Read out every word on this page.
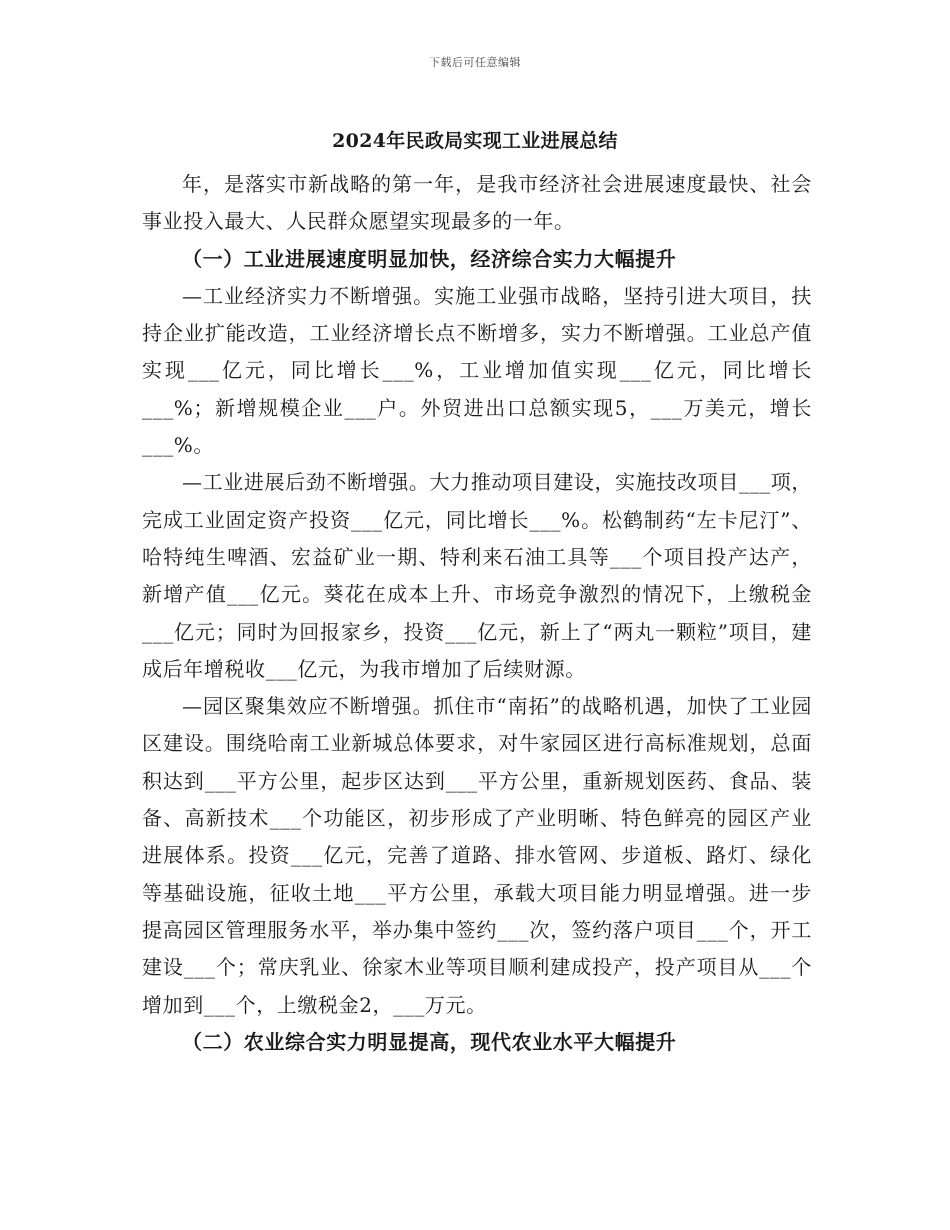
下载后可任意编辑
2024年民政局实现工业进展总结

年，是落实市新战略的第一年，是我市经济社会进展速度最快、社会事业投入最大、人民群众愿望实现最多的一年。

（一）工业进展速度明显加快，经济综合实力大幅提升

—工业经济实力不断增强。实施工业强市战略，坚持引进大项目，扶持企业扩能改造，工业经济增长点不断增多，实力不断增强。工业总产值实现___亿元，同比增长___%，工业增加值实现___亿元，同比增长___%；新增规模企业___户。外贸进出口总额实现5，___万美元，增长___%。

—工业进展后劲不断增强。大力推动项目建设，实施技改项目___项，完成工业固定资产投资___亿元，同比增长___%。松鹤制药“左卡尼汀”、哈特纯生啤酒、宏益矿业一期、特利来石油工具等___个项目投产达产，新增产值___亿元。葵花在成本上升、市场竞争激烈的情况下，上缴税金___亿元；同时为回报家乡，投资___亿元，新上了“两丸一颗粒”项目，建成后年增税收___亿元，为我市增加了后续财源。

—园区聚集效应不断增强。抓住市“南拓”的战略机遇，加快了工业园区建设。围绕哈南工业新城总体要求，对牛家园区进行高标准规划，总面积达到___平方公里，起步区达到___平方公里，重新规划医药、食品、装备、高新技术___个功能区，初步形成了产业明晰、特色鲜亮的园区产业进展体系。投资___亿元，完善了道路、排水管网、步道板、路灯、绿化等基础设施，征收土地___平方公里，承载大项目能力明显增强。进一步提高园区管理服务水平，举办集中签约___次，签约落户项目___个，开工建设___个；常庆乳业、徐家木业等项目顺利建成投产，投产项目从___个增加到___个，上缴税金2，___万元。

（二）农业综合实力明显提高，现代农业水平大幅提升
